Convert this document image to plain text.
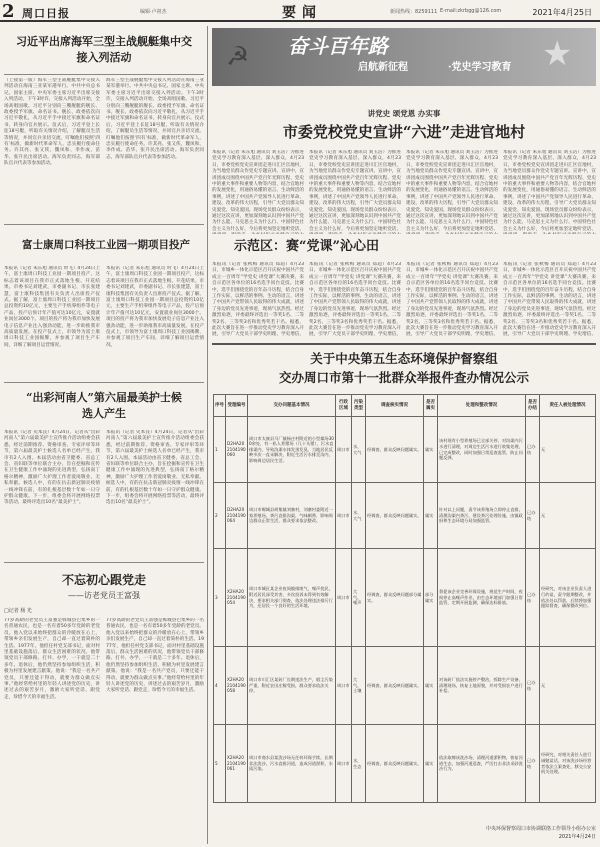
2 周口日报	编辑·卢祖杰	要闻	新闻热线：8259111 E-mail:zkrbgg@126.com	2021年4月25日
习近平出席海军三型主战舰艇集中交接入列活动
（上接第一版）海军三型主战舰艇集中交接入列活动在海南三亚某军港举行。中共中央总书记、国家主席、中央军委主席习近平出席交接入列活动。下午3时许，交接入列活动开始，全场高唱国歌。习近平分别向三艘舰艇的舰长、政委授予军旗、命名证书。舰长、政委依次向习近平敬礼，从习近平手中接过军旗和命名证书，转身向官兵展示。仪式后，习近平登上长征18号艇，听取有关情况介绍，了解艇员生活等情况，并同官兵亲切交流，叮嘱他们按照‘四有’标准，做新时代革命军人，忠实履行使命任务。许其亮、张又侠、魏凤和、李作成、苗华、张升民出席活动。海军负责同志，海军部队官兵代表等参加活动。
海军三型主战舰艇集中交接入列活动在海南三亚某军港举行。中共中央总书记、国家主席、中央军委主席习近平出席交接入列活动。下午3时许，交接入列活动开始，全场高唱国歌。习近平分别向三艘舰艇的舰长、政委授予军旗、命名证书。舰长、政委依次向习近平敬礼，从习近平手中接过军旗和命名证书，转身向官兵展示。仪式后，习近平登上长征18号艇，听取有关情况介绍，了解艇员生活等情况，并同官兵亲切交流，叮嘱他们按照‘四有’标准，做新时代革命军人，忠实履行使命任务。许其亮、张又侠、魏凤和、李作成、苗华、张升民出席活动。海军负责同志，海军部队官兵代表等参加活动。
富士康周口科技工业园一期项目投产
本报讯（记者 朱东旭 通讯员 时飞）4月24日上午，富士康周口科技工业园一期项目投产，这标志着该项目在我市正式落地生根、开花结果。市委书记刘建武，市委副书记、市长张建慧，富士康科技集团有关负责人出席投产仪式。据了解，富士康周口科技工业园一期项目总投资约10亿元，主要生产手机零组件等电子产品，投产后预计年产值可达10亿元，安置就业岗位3000个。项目的投产将为我市加快发展电子信息产业注入强劲动能，进一步助推我市高质量发展。在投产仪式上，市领导为富士康周口科技工业园揭牌，并参观了项目生产车间，详细了解项目运营情况。
本报讯（记者 朱东旭 通讯员 时飞）4月24日上午，富士康周口科技工业园一期项目投产，这标志着该项目在我市正式落地生根、开花结果。市委书记刘建武，市委副书记、市长张建慧，富士康科技集团有关负责人出席投产仪式。据了解，富士康周口科技工业园一期项目总投资约10亿元，主要生产手机零组件等电子产品，投产后预计年产值可达10亿元，安置就业岗位3000个。项目的投产将为我市加快发展电子信息产业注入强劲动能，进一步助推我市高质量发展。在投产仪式上，市领导为富士康周口科技工业园揭牌，并参观了项目生产车间，详细了解项目运营情况。
“出彩河南人”第六届最美护士候选人产生
本报讯（记者 史本良）4月24日，记者从“出彩河南人”第六届最美护士宣传推介活动组委会获悉，经过前期推荐、资格审查、专家评审等环节，第六届最美护士候选人名单已经产生，我市有2人入围。本届活动由省卫健委、省总工会、省妇联等单位联合主办，旨在挖掘和宣传在卫生健康工作中涌现的先进典型，弘扬南丁格尔精神，激励广大护理工作者爱岗敬业、无私奉献。候选人中，有的在抗击新冠肺炎疫情一线冲锋在前，有的扎根基层数十年如一日守护群众健康。下一步，组委会将开展网络投票等活动，最终评选出10名“最美护士”。
本报讯（记者 史本良）4月24日，记者从“出彩河南人”第六届最美护士宣传推介活动组委会获悉，经过前期推荐、资格审查、专家评审等环节，第六届最美护士候选人名单已经产生，我市有2人入围。本届活动由省卫健委、省总工会、省妇联等单位联合主办，旨在挖掘和宣传在卫生健康工作中涌现的先进典型，弘扬南丁格尔精神，激励广大护理工作者爱岗敬业、无私奉献。候选人中，有的在抗击新冠肺炎疫情一线冲锋在前，有的扎根基层数十年如一日守护群众健康。下一步，组委会将开展网络投票等活动，最终评选出10名“最美护士”。
不忘初心跟党走
——访老党员王富强
□记者 杨 光
77岁高龄的老党员王富强是郸城县巴集乡的一名普通农民，也是一名有着50多年党龄的老党员。他入党以来始终把群众的冷暖放在心上，带领乡亲们发展生产，自己却一直过着简朴的生活。1977年，他担任村党支部书记，面对村里基础设施落后、群众生活困难的状况，他带领党员干部修路、打井、办学，一干就是二十多年。退休后，他仍然坚持参加组织生活，积极为村里发展建言献策。他说：“我是一名共产党员，只要还能干得动，就要为群众做点实事。”他经常给村里的年轻人讲述党的历史，讲述过去的艰苦岁月，激励大家听党话、跟党走，珍惜今天的幸福生活。
77岁高龄的老党员王富强是郸城县巴集乡的一名普通农民，也是一名有着50多年党龄的老党员。他入党以来始终把群众的冷暖放在心上，带领乡亲们发展生产，自己却一直过着简朴的生活。1977年，他担任村党支部书记，面对村里基础设施落后、群众生活困难的状况，他带领党员干部修路、打井、办学，一干就是二十多年。退休后，他仍然坚持参加组织生活，积极为村里发展建言献策。他说：“我是一名共产党员，只要还能干得动，就要为群众做点实事。”他经常给村里的年轻人讲述党的历史，讲述过去的艰苦岁月，激励大家听党话、跟党走，珍惜今天的幸福生活。
☭ 奋斗百年路
启航新征程	·党史学习教育 ★
讲党史 颂党恩 办实事
市委党校党史宣讲“六进”走进官地村
本报讯（记者 朱东旭 通讯员 刘玉洁）为推进党史学习教育深入基层、深入群众，4月23日，市委党校党史宣讲团走进川汇区官地村，为当地党员群众作党史专题宣讲。宣讲中，宣讲团成员围绕中国共产党百年光辉历程、党史中的重大事件和重要人物等内容，结合官地村的发展变化，用通俗易懂的语言、生动鲜活的事例，讲述了中国共产党领导人民进行革命、建设、改革的伟大历程，引导广大党员群众知史爱党、知史爱国。现场党员群众纷纷表示，通过这次宣讲，更加深刻地认识到中国共产党为什么能、马克思主义为什么行、中国特色社会主义为什么好，今后将更加坚定地听党话、
本报讯（记者 朱东旭 通讯员 刘玉洁）为推进党史学习教育深入基层、深入群众，4月23日，市委党校党史宣讲团走进川汇区官地村，为当地党员群众作党史专题宣讲。宣讲中，宣讲团成员围绕中国共产党百年光辉历程、党史中的重大事件和重要人物等内容，结合官地村的发展变化，用通俗易懂的语言、生动鲜活的事例，讲述了中国共产党领导人民进行革命、建设、改革的伟大历程，引导广大党员群众知史爱党、知史爱国。现场党员群众纷纷表示，通过这次宣讲，更加深刻地认识到中国共产党为什么能、马克思主义为什么行、中国特色社会主义为什么好，今后将更加坚定地听党话、
本报讯（记者 朱东旭 通讯员 刘玉洁）为推进党史学习教育深入基层、深入群众，4月23日，市委党校党史宣讲团走进川汇区官地村，为当地党员群众作党史专题宣讲。宣讲中，宣讲团成员围绕中国共产党百年光辉历程、党史中的重大事件和重要人物等内容，结合官地村的发展变化，用通俗易懂的语言、生动鲜活的事例，讲述了中国共产党领导人民进行革命、建设、改革的伟大历程，引导广大党员群众知史爱党、知史爱国。现场党员群众纷纷表示，通过这次宣讲，更加深刻地认识到中国共产党为什么能、马克思主义为什么行、中国特色社会主义为什么好，今后将更加坚定地听党话、
本报讯（记者 朱东旭 通讯员 刘玉洁）为推进党史学习教育深入基层、深入群众，4月23日，市委党校党史宣讲团走进川汇区官地村，为当地党员群众作党史专题宣讲。宣讲中，宣讲团成员围绕中国共产党百年光辉历程、党史中的重大事件和重要人物等内容，结合官地村的发展变化，用通俗易懂的语言、生动鲜活的事例，讲述了中国共产党领导人民进行革命、建设、改革的伟大历程，引导广大党员群众知史爱党、知史爱国。现场党员群众纷纷表示，通过这次宣讲，更加深刻地认识到中国共产党为什么能、马克思主义为什么行、中国特色社会主义为什么好，今后将更加坚定地听党话、
示范区：赛“党课”沁心田
本报讯（记者 张秋梅 通讯员 郑超）4月23日，市城乡一体化示范区召开庆祝中国共产党成立一百周年“学党史 讲党课”大赛决赛，来自示范区各单位的16名选手同台竞技。比赛中，选手们围绕党的百年奋斗历程，结合自身工作实际，以鲜活的事例、生动的语言，讲述了中国共产党带领人民取得的伟大成就，讲述了身边的党员先进事迹，现场气氛热烈。经过激烈角逐，评委最终评选出一等奖1名、二等奖2名、三等奖3名和优秀奖若干名。据悉，此次大赛旨在进一步推动党史学习教育深入开展，引导广大党员干部学史明理、学史增信、
本报讯（记者 张秋梅 通讯员 郑超）4月23日，市城乡一体化示范区召开庆祝中国共产党成立一百周年“学党史 讲党课”大赛决赛，来自示范区各单位的16名选手同台竞技。比赛中，选手们围绕党的百年奋斗历程，结合自身工作实际，以鲜活的事例、生动的语言，讲述了中国共产党带领人民取得的伟大成就，讲述了身边的党员先进事迹，现场气氛热烈。经过激烈角逐，评委最终评选出一等奖1名、二等奖2名、三等奖3名和优秀奖若干名。据悉，此次大赛旨在进一步推动党史学习教育深入开展，引导广大党员干部学史明理、学史增信、
本报讯（记者 张秋梅 通讯员 郑超）4月23日，市城乡一体化示范区召开庆祝中国共产党成立一百周年“学党史 讲党课”大赛决赛，来自示范区各单位的16名选手同台竞技。比赛中，选手们围绕党的百年奋斗历程，结合自身工作实际，以鲜活的事例、生动的语言，讲述了中国共产党带领人民取得的伟大成就，讲述了身边的党员先进事迹，现场气氛热烈。经过激烈角逐，评委最终评选出一等奖1名、二等奖2名、三等奖3名和优秀奖若干名。据悉，此次大赛旨在进一步推动党史学习教育深入开展，引导广大党员干部学史明理、学史增信、
本报讯（记者 张秋梅 通讯员 郑超）4月23日，市城乡一体化示范区召开庆祝中国共产党成立一百周年“学党史 讲党课”大赛决赛，来自示范区各单位的16名选手同台竞技。比赛中，选手们围绕党的百年奋斗历程，结合自身工作实际，以鲜活的事例、生动的语言，讲述了中国共产党带领人民取得的伟大成就，讲述了身边的党员先进事迹，现场气氛热烈。经过激烈角逐，评委最终评选出一等奖1名、二等奖2名、三等奖3名和优秀奖若干名。据悉，此次大赛旨在进一步推动党史学习教育深入开展，引导广大党员干部学史明理、学史增信、
关于中央第五生态环境保护督察组
交办周口市第十一批群众举报件查办情况公示
序号	受理编号	交办问题基本情况	行政区域	污染类型	调查核实情况	是否属实	处理和整改情况	是否办结	责任人被处理情况
1	D2HA202104190060	周口市太康县马厂镇杨庄村附近的小型煤场300余处，有一私人养猪场（几十头猪），污水直排渠内，导致沟渠水体发黑发臭，当地居民反映多次一直未解决，附近生活污水排至沟内，影响周边居民生活。	周口市	水，大气	经调查，群众反映问题属实。	属实	该村现有小型养殖场已全部关停，对沟渠内污水进行清理，对周边生活污水进行收集处理，已完成整改，同时加强日常巡查监管，防止问题反弹。	已办结	无
2	D2HA202104190064	周口市郸城县胡集镇刘寨村，刘寨村委附近一家养殖场，粪污直排沟渠，气味刺鼻，影响周边群众正常生活，群众要求依法整改。	周口市	水，大气	经调查，群众反映问题属实。	属实	针对以上问题，责令该养殖场立即停止直排，清理沟渠内粪污，建设粪污处理设施，由镇政府和生态环境分局加强监管。	已办结	无
3	X2HA202104190054	周口市城区某企业夜间偷排废气，噪声扰民，附近居民深受其害，多次投诉未得到有效解决，要求相关部门彻查，依法处理违法排污行为，还居民一个良好的生活环境。	周口市	大气，噪声	经调查，群众反映问题部分属实。	部分属实	督促该企业完善环保设施，规范生产时间，夜间停止高噪声作业，由生态环境部门加强日常监管，定期开展监测，确保达标排放。	已办结	经研究，对该企业负责人进行约谈，责令限期整改，并依法处以罚款，后续将加强跟踪督查，确保整改到位。
4	X2HA202104190058	周口市川汇区某砖厂长期违法生产，烟尘污染严重，附近农田庄稼受损，群众要求依法关停。	周口市	大气，土壤	经调查，群众反映问题属实。	属实	对该砖厂依法实施停产整治，拆除生产设备，清理现场，恢复土地原貌，并对受损农户进行补偿。	已办结	无
5	X2HA202104190061	周口市商水县某洗沙场无任何环保手续，长期非法洗沙，污水直排河道，造成河道淤积，水质污染。	周口市	水，生态	经调查，群众反映问题属实。	属实	依法取缔该洗沙场，清理河道淤积物，恢复河道生态，加强河道巡查，严厉打击非法采砂洗沙行为。	已办结	经研究，对相关责任人进行诫勉谈话，对该洗沙场经营者依法立案查处，移交公安机关处理。
中央环保督察周口市协调联络工作领导小组办公室
2021年4月24日
